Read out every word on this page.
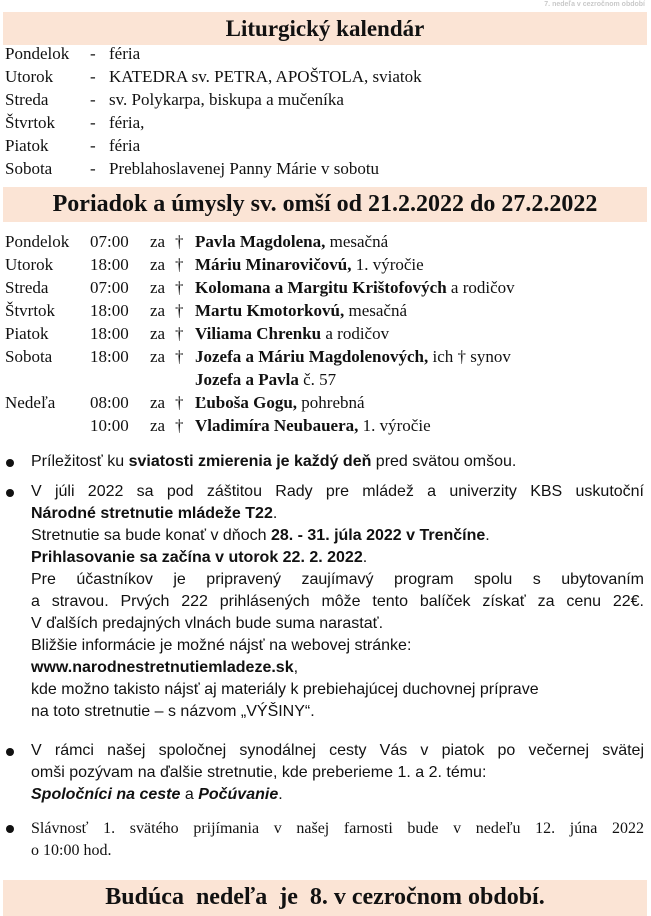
7. nedeľa v cezročnom období
Liturgický kalendár
Pondelok - féria
Utorok - KATEDRA sv. PETRA, APOŠTOLA, sviatok
Streda - sv. Polykarpa, biskupa a mučeníka
Štvrtok - féria,
Piatok - féria
Sobota - Preblahoslavenej Panny Márie v sobotu
Poriadok a úmysly sv. omší od 21.2.2022 do 27.2.2022
Pondelok 07:00 za † Pavla Magdolena, mesačná
Utorok 18:00 za † Máriu Minarovičovú, 1. výročie
Streda 07:00 za † Kolomana a Margitu Krištofových a rodičov
Štvrtok 18:00 za † Martu Kmotorkovú, mesačná
Piatok 18:00 za † Viliama Chrenku a rodičov
Sobota 18:00 za † Jozefa a Máriu Magdolenových, ich † synov
Jozefa a Pavla č. 57
Nedeľa 08:00 za † Ľuboša Gogu, pohrebná
10:00 za † Vladimíra Neubauera, 1. výročie
Príležitosť ku sviatosti zmierenia je každý deň pred svätou omšou.
V júli 2022 sa pod záštitou Rady pre mládež a univerzity KBS uskutoční
Národné stretnutie mládeže T22.
Stretnutie sa bude konať v dňoch 28. - 31. júla 2022 v Trenčíne.
Prihlasovanie sa začína v utorok 22. 2. 2022.
Pre účastníkov je pripravený zaujímavý program spolu s ubytovaním
a stravou. Prvých 222 prihlásených môže tento balíček získať za cenu 22€.
V ďalších predajných vlnách bude suma narastať.
Bližšie informácie je možné nájsť na webovej stránke:
www.narodnestretnutiemladeze.sk,
kde možno takisto nájsť aj materiály k prebiehajúcej duchovnej príprave
na toto stretnutie – s názvom „VÝŠINY“.
V rámci našej spoločnej synodálnej cesty Vás v piatok po večernej svätej
omši pozývam na ďalšie stretnutie, kde preberieme 1. a 2. tému:
Spoločníci na ceste a Počúvanie.
Slávnosť 1. svätého prijímania v našej farnosti bude v nedeľu 12. júna 2022
o 10:00 hod.
Budúca  nedeľa  je  8. v cezročnom období.
